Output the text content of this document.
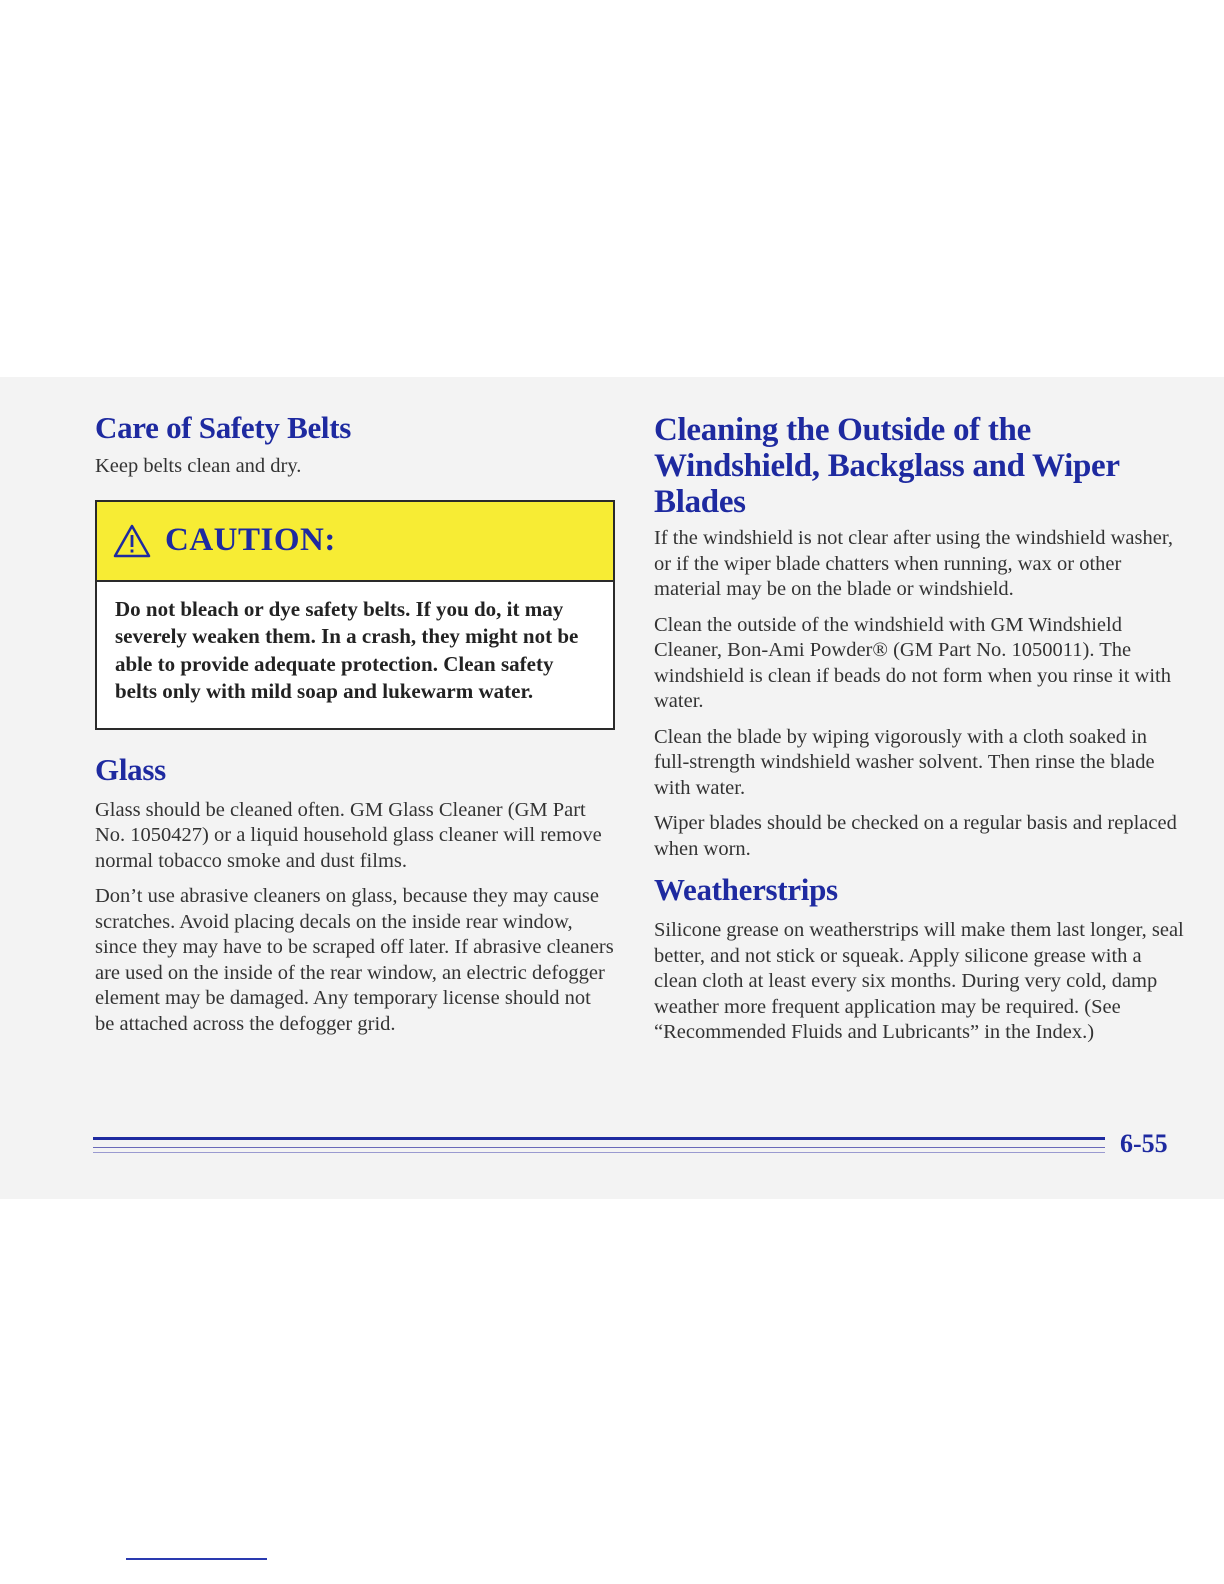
Care of Safety Belts

Keep belts clean and dry.

CAUTION:
Do not bleach or dye safety belts. If you do, it may severely weaken them. In a crash, they might not be able to provide adequate protection. Clean safety belts only with mild soap and lukewarm water.
Glass

Glass should be cleaned often. GM Glass Cleaner (GM Part No. 1050427) or a liquid household glass cleaner will remove normal tobacco smoke and dust films.

Don’t use abrasive cleaners on glass, because they may cause scratches. Avoid placing decals on the inside rear window, since they may have to be scraped off later. If abrasive cleaners are used on the inside of the rear window, an electric defogger element may be damaged. Any temporary license should not be attached across the defogger grid.

Cleaning the Outside of the Windshield, Backglass and Wiper Blades

If the windshield is not clear after using the windshield washer, or if the wiper blade chatters when running, wax or other material may be on the blade or windshield.

Clean the outside of the windshield with GM Windshield Cleaner, Bon-Ami Powder® (GM Part No. 1050011). The windshield is clean if beads do not form when you rinse it with water.

Clean the blade by wiping vigorously with a cloth soaked in full-strength windshield washer solvent. Then rinse the blade with water.

Wiper blades should be checked on a regular basis and replaced when worn.

Weatherstrips

Silicone grease on weatherstrips will make them last longer, seal better, and not stick or squeak. Apply silicone grease with a clean cloth at least every six months. During very cold, damp weather more frequent application may be required. (See “Recommended Fluids and Lubricants” in the Index.)

6-55
